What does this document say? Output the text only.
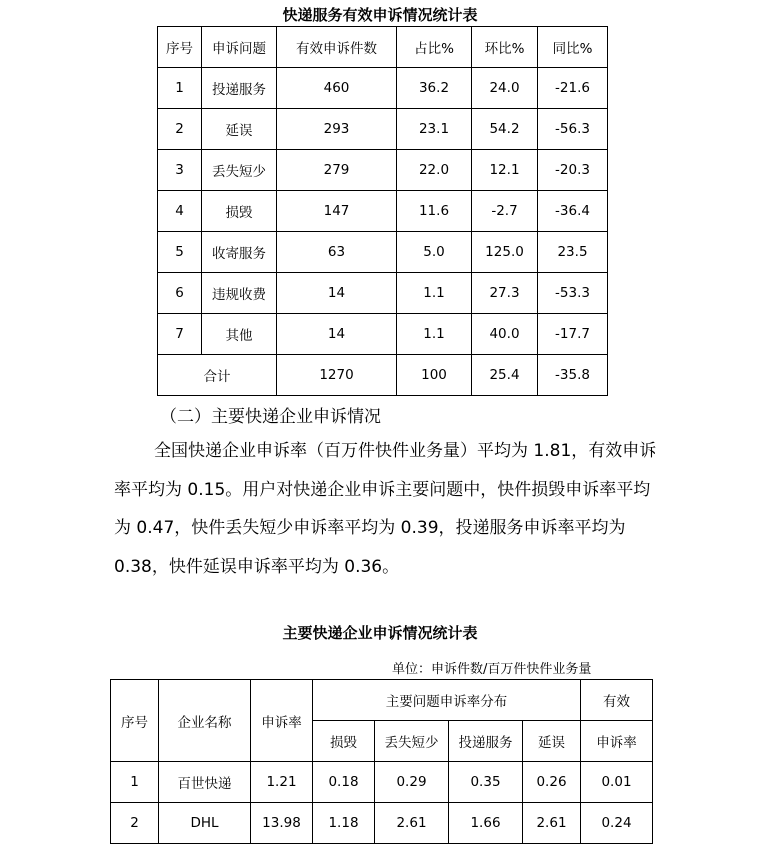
快递服务有效申诉情况统计表
序号	申诉问题	有效申诉件数	占比%	环比%	同比%
1	投递服务	460	36.2	24.0	-21.6
2	延误	293	23.1	54.2	-56.3
3	丢失短少	279	22.0	12.1	-20.3
4	损毁	147	11.6	-2.7	-36.4
5	收寄服务	63	5.0	125.0	23.5
6	违规收费	14	1.1	27.3	-53.3
7	其他	14	1.1	40.0	-17.7
合计		1270	100	25.4	-35.8
（二）主要快递企业申诉情况

全国快递企业申诉率（百万件快件业务量）平均为 1.81，有效申诉率平均为 0.15。用户对快递企业申诉主要问题中，快件损毁申诉率平均为 0.47，快件丢失短少申诉率平均为 0.39，投递服务申诉率平均为 0.38，快件延误申诉率平均为 0.36。

主要快递企业申诉情况统计表
单位：申诉件数/百万件快件业务量
序号	企业名称	申诉率	主要问题申诉率分布				有效
			损毁	丢失短少	投递服务	延误	申诉率
1	百世快递	1.21	0.18	0.29	0.35	0.26	0.01
2	DHL	13.98	1.18	2.61	1.66	2.61	0.24
